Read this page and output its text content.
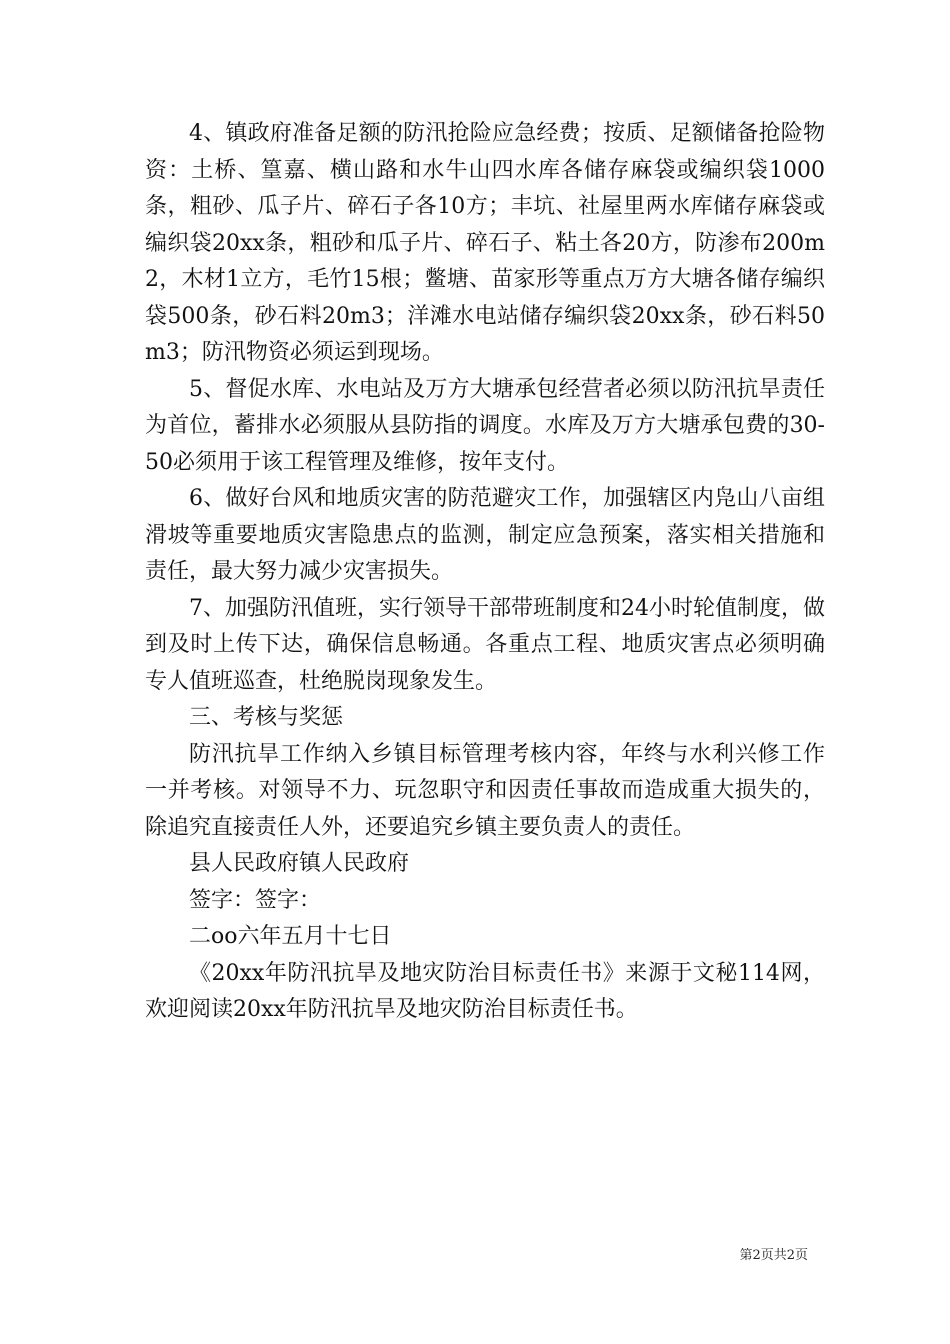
4、镇政府准备足额的防汛抢险应急经费；按质、足额储备抢险物资：土桥、篁嘉、横山路和水牛山四水库各储存麻袋或编织袋1000条，粗砂、瓜子片、碎石子各10方；丰坑、社屋里两水库储存麻袋或编织袋20xx条，粗砂和瓜子片、碎石子、粘土各20方，防渗布200m2，木材1立方，毛竹15根；鳖塘、苗家形等重点万方大塘各储存编织袋500条，砂石料20m3；洋滩水电站储存编织袋20xx条，砂石料50m3；防汛物资必须运到现场。

5、督促水库、水电站及万方大塘承包经营者必须以防汛抗旱责任为首位，蓄排水必须服从县防指的调度。水库及万方大塘承包费的30-50必须用于该工程管理及维修，按年支付。

6、做好台风和地质灾害的防范避灾工作，加强辖区内凫山八亩组滑坡等重要地质灾害隐患点的监测，制定应急预案，落实相关措施和责任，最大努力减少灾害损失。

7、加强防汛值班，实行领导干部带班制度和24小时轮值制度，做到及时上传下达，确保信息畅通。各重点工程、地质灾害点必须明确专人值班巡查，杜绝脱岗现象发生。

三、考核与奖惩

防汛抗旱工作纳入乡镇目标管理考核内容，年终与水利兴修工作一并考核。对领导不力、玩忽职守和因责任事故而造成重大损失的，除追究直接责任人外，还要追究乡镇主要负责人的责任。

县人民政府镇人民政府

签字：签字：

二oo六年五月十七日

《20xx年防汛抗旱及地灾防治目标责任书》来源于文秘114网，欢迎阅读20xx年防汛抗旱及地灾防治目标责任书。

第2页共2页
